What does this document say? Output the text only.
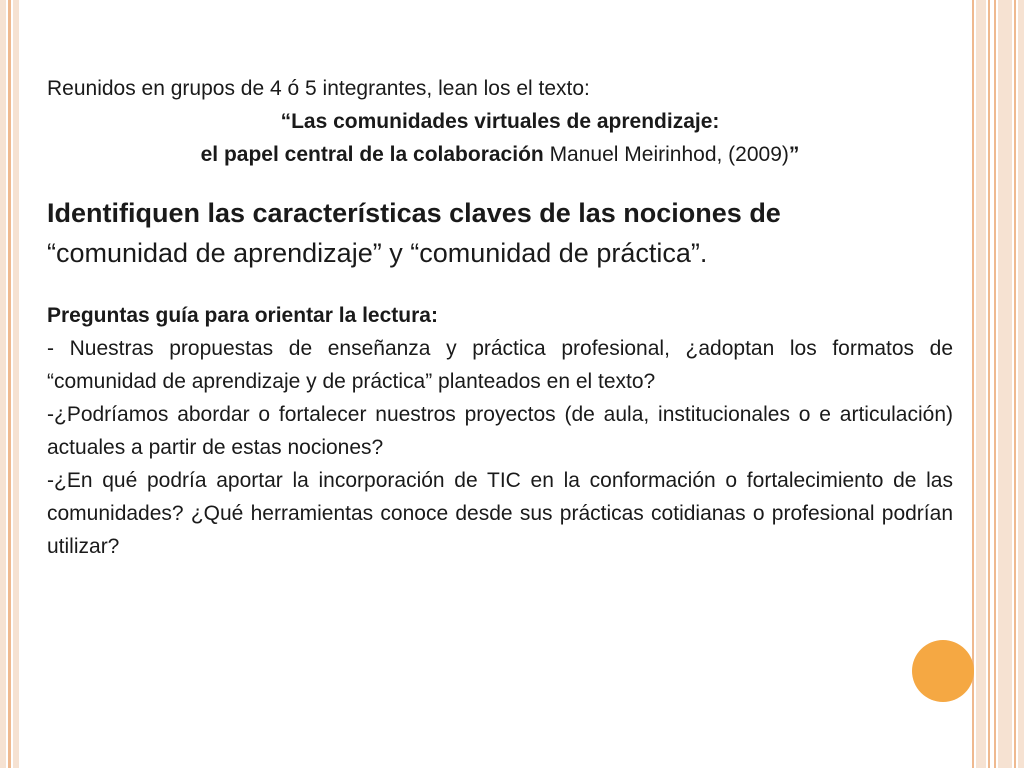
Reunidos en grupos de 4 ó 5 integrantes, lean los el texto:

“Las comunidades virtuales de aprendizaje:

el papel central de la colaboración Manuel Meirinhod, (2009)”

Identifiquen las características claves de las nociones de

“comunidad de aprendizaje” y “comunidad de práctica”.

Preguntas guía para orientar la lectura:

- Nuestras propuestas de enseñanza y práctica profesional, ¿adoptan los formatos de “comunidad de aprendizaje y de práctica” planteados en el texto?

-¿Podríamos abordar o fortalecer nuestros proyectos (de aula, institucionales o e articulación) actuales a partir de estas nociones?

-¿En qué podría aportar la incorporación de TIC en la conformación o fortalecimiento de las comunidades? ¿Qué herramientas conoce desde sus prácticas cotidianas o profesional podrían utilizar?
